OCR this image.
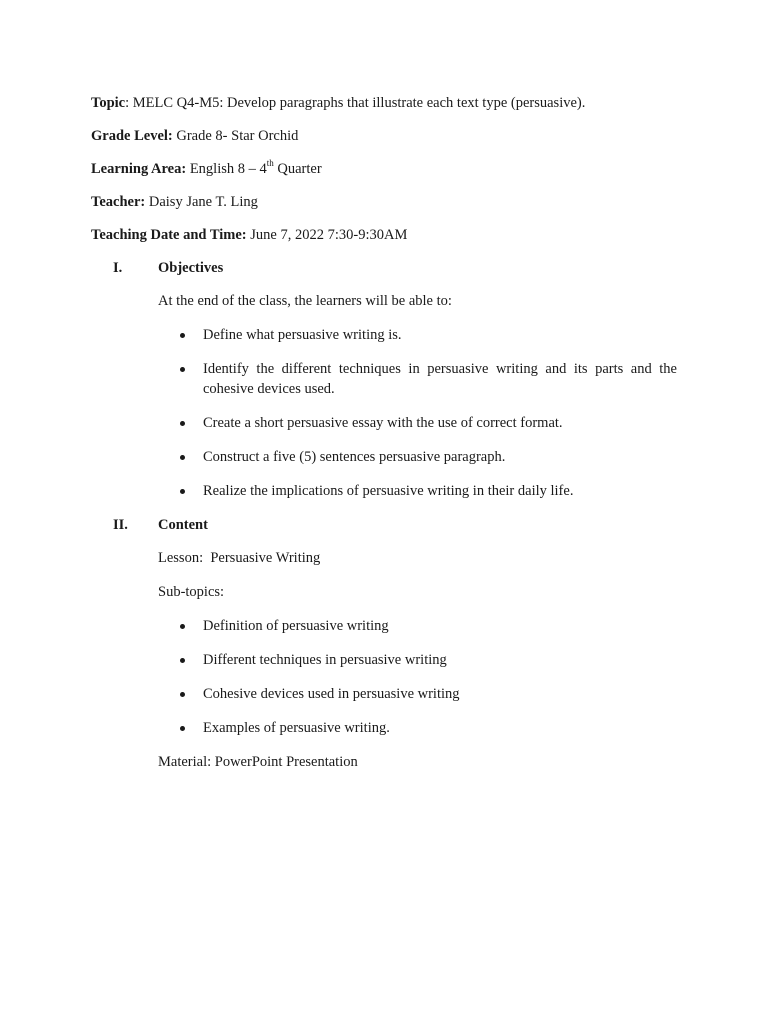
Topic: MELC Q4-M5: Develop paragraphs that illustrate each text type (persuasive).

Grade Level: Grade 8- Star Orchid

Learning Area: English 8 – 4th Quarter

Teacher: Daisy Jane T. Ling

Teaching Date and Time: June 7, 2022 7:30-9:30AM

I.	Objectives

At the end of the class, the learners will be able to:

Define what persuasive writing is.
Identify the different techniques in persuasive writing and its parts and the cohesive devices used.
Create a short persuasive essay with the use of correct format.
Construct a five (5) sentences persuasive paragraph.
Realize the implications of persuasive writing in their daily life.
II.	Content

Lesson:  Persuasive Writing

Sub-topics:

Definition of persuasive writing
Different techniques in persuasive writing
Cohesive devices used in persuasive writing
Examples of persuasive writing.

Material: PowerPoint Presentation
